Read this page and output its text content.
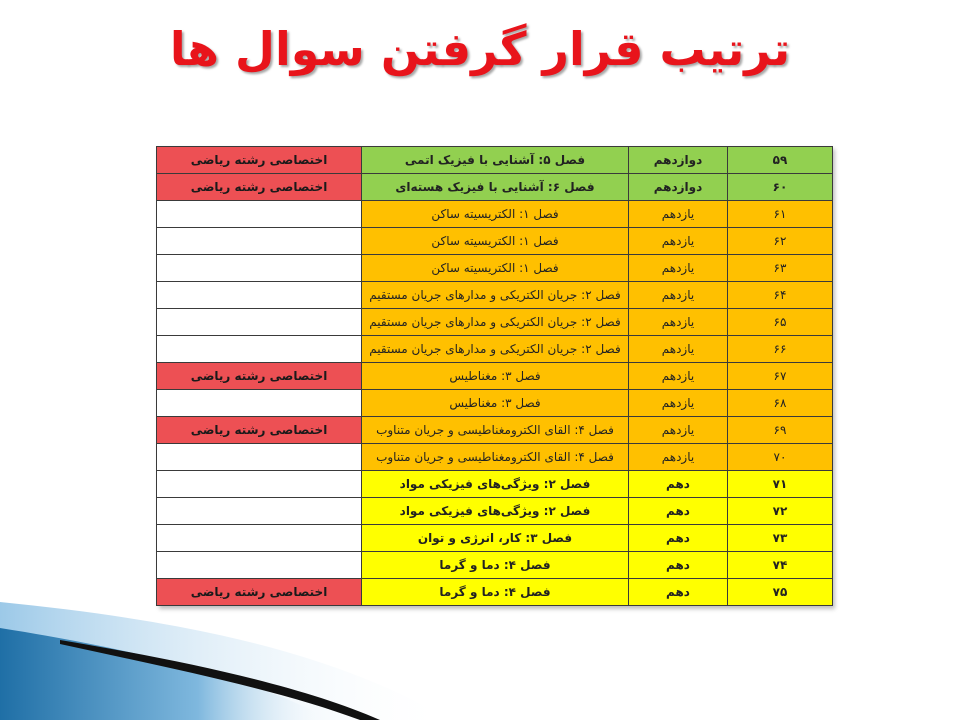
ترتیب قرار گرفتن سوال ها
۵۹	دوازدهم	فصل ۵: آشنایی با فیزیک اتمی	اختصاصی رشته ریاضی
۶۰	دوازدهم	فصل ۶: آشنایی با فیزیک هسته‌ای	اختصاصی رشته ریاضی
۶۱	یازدهم	فصل ۱: الکتریسیته ساکن	
۶۲	یازدهم	فصل ۱: الکتریسیته ساکن	
۶۳	یازدهم	فصل ۱: الکتریسیته ساکن	
۶۴	یازدهم	فصل ۲: جریان الکتریکی و مدارهای جریان مستقیم	
۶۵	یازدهم	فصل ۲: جریان الکتریکی و مدارهای جریان مستقیم	
۶۶	یازدهم	فصل ۲: جریان الکتریکی و مدارهای جریان مستقیم	
۶۷	یازدهم	فصل ۳: مغناطیس	اختصاصی رشته ریاضی
۶۸	یازدهم	فصل ۳: مغناطیس	
۶۹	یازدهم	فصل ۴: القای الکترومغناطیسی و جریان متناوب	اختصاصی رشته ریاضی
۷۰	یازدهم	فصل ۴: القای الکترومغناطیسی و جریان متناوب	
۷۱	دهم	فصل ۲: ویژگی‌های فیزیکی مواد	
۷۲	دهم	فصل ۲: ویژگی‌های فیزیکی مواد	
۷۳	دهم	فصل ۳: کار، انرژی و توان	
۷۴	دهم	فصل ۴: دما و گرما	
۷۵	دهم	فصل ۴: دما و گرما	اختصاصی رشته ریاضی
